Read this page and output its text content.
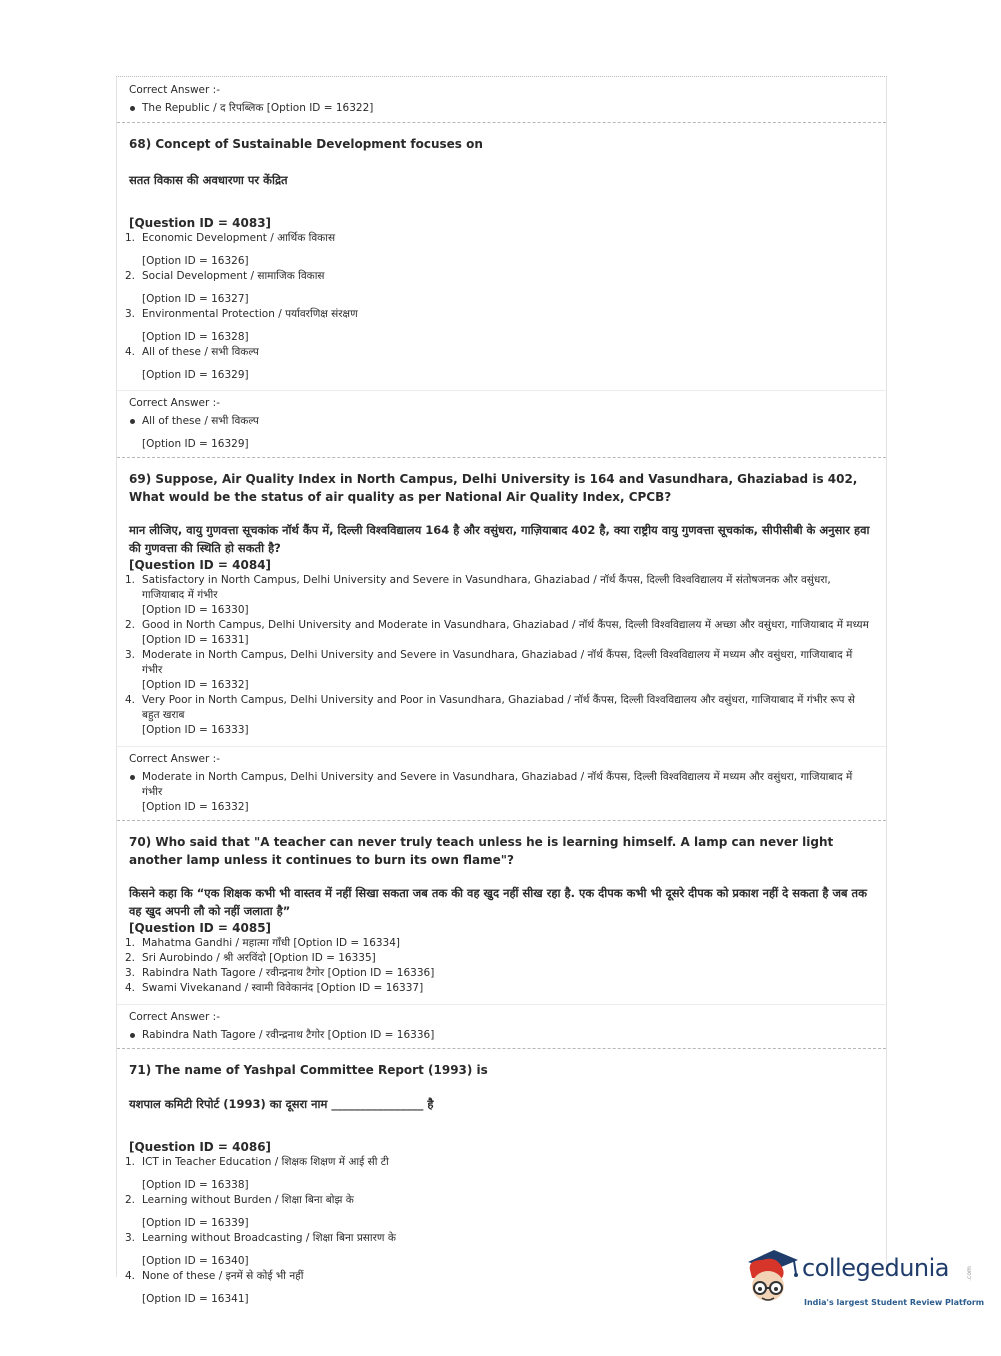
Correct Answer :-
The Republic / द रिपब्लिक [Option ID = 16322]
68) Concept of Sustainable Development focuses on
सतत विकास की अवधारणा पर केंद्रित
[Question ID = 4083]
1. Economic Development / आर्थिक विकास
[Option ID = 16326]
2. Social Development / सामाजिक विकास
[Option ID = 16327]
3. Environmental Protection / पर्यावरणिक्ष संरक्षण
[Option ID = 16328]
4. All of these / सभी विकल्प
[Option ID = 16329]
Correct Answer :-
All of these / सभी विकल्प
[Option ID = 16329]
69) Suppose, Air Quality Index in North Campus, Delhi University is 164 and Vasundhara, Ghaziabad is 402, What would be the status of air quality as per National Air Quality Index, CPCB?
मान लीजिए, वायु गुणवत्ता सूचकांक नॉर्थ कैंप में, दिल्ली विश्वविद्यालय 164 है और वसुंधरा, गाज़ियाबाद 402 है, क्या राष्ट्रीय वायु गुणवत्ता सूचकांक, सीपीसीबी के अनुसार हवा की गुणवत्ता की स्थिति हो सकती है?
[Question ID = 4084]
1. Satisfactory in North Campus, Delhi University and Severe in Vasundhara, Ghaziabad / नॉर्थ कैंपस, दिल्ली विश्वविद्यालय में संतोषजनक और वसुंधरा, गाजियाबाद में गंभीर
[Option ID = 16330]
2. Good in North Campus, Delhi University and Moderate in Vasundhara, Ghaziabad / नॉर्थ कैंपस, दिल्ली विश्वविद्यालय में अच्छा और वसुंधरा, गाजियाबाद में मध्यम [Option ID = 16331]
3. Moderate in North Campus, Delhi University and Severe in Vasundhara, Ghaziabad / नॉर्थ कैंपस, दिल्ली विश्वविद्यालय में मध्यम और वसुंधरा, गाजियाबाद में गंभीर
[Option ID = 16332]
4. Very Poor in North Campus, Delhi University and Poor in Vasundhara, Ghaziabad / नॉर्थ कैंपस, दिल्ली विश्वविद्यालय और वसुंधरा, गाजियाबाद में गंभीर रूप से बहुत खराब
[Option ID = 16333]
Correct Answer :-
Moderate in North Campus, Delhi University and Severe in Vasundhara, Ghaziabad / नॉर्थ कैंपस, दिल्ली विश्वविद्यालय में मध्यम और वसुंधरा, गाजियाबाद में गंभीर
[Option ID = 16332]
70) Who said that "A teacher can never truly teach unless he is learning himself. A lamp can never light another lamp unless it continues to burn its own flame"?
किसने कहा कि “एक शिक्षक कभी भी वास्तव में नहीं सिखा सकता जब तक की वह खुद नहीं सीख रहा है. एक दीपक कभी भी दूसरे दीपक को प्रकाश नहीं दे सकता है जब तक वह खुद अपनी लौ को नहीं जलाता है”
[Question ID = 4085]
1. Mahatma Gandhi / महात्मा गाँधी [Option ID = 16334]
2. Sri Aurobindo / श्री अरविंदो [Option ID = 16335]
3. Rabindra Nath Tagore / रवीन्द्रनाथ टैगोर [Option ID = 16336]
4. Swami Vivekanand / स्वामी विवेकानंद [Option ID = 16337]
Correct Answer :-
Rabindra Nath Tagore / रवीन्द्रनाथ टैगोर [Option ID = 16336]
71) The name of Yashpal Committee Report (1993) is
यशपाल कमिटी रिपोर्ट (1993) का दूसरा नाम ________________ है
[Question ID = 4086]
1. ICT in Teacher Education / शिक्षक शिक्षण में आई सी टी
[Option ID = 16338]
2. Learning without Burden / शिक्षा बिना बोझ के
[Option ID = 16339]
3. Learning without Broadcasting / शिक्षा बिना प्रसारण के
[Option ID = 16340]
4. None of these / इनमें से कोई भी नहीं
[Option ID = 16341]
collegedunia	.com
India's largest Student Review Platform
